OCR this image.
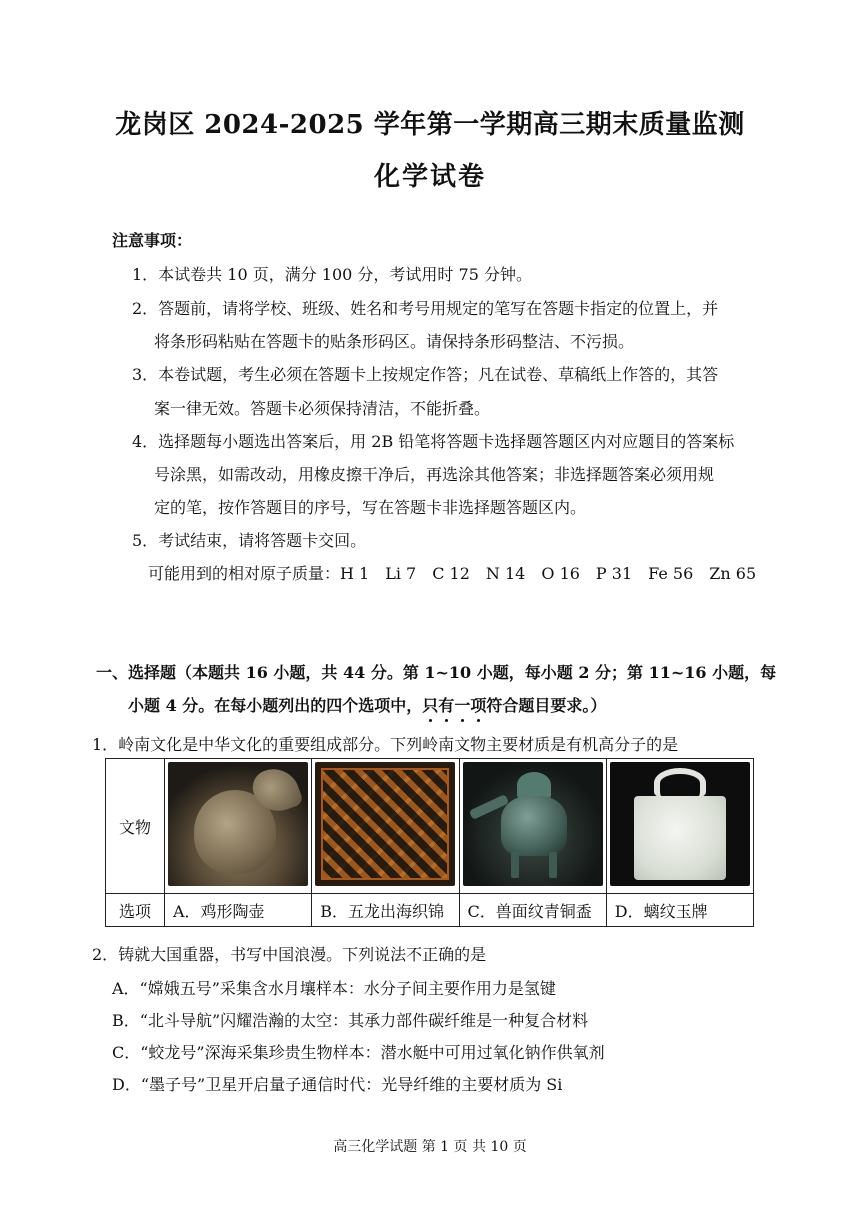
龙岗区 2024-2025 学年第一学期高三期末质量监测
化学试卷
注意事项：
1．本试卷共 10 页，满分 100 分，考试用时 75 分钟。
2．答题前，请将学校、班级、姓名和考号用规定的笔写在答题卡指定的位置上，并
将条形码粘贴在答题卡的贴条形码区。请保持条形码整洁、不污损。
3．本卷试题，考生必须在答题卡上按规定作答；凡在试卷、草稿纸上作答的，其答
案一律无效。答题卡必须保持清洁，不能折叠。
4．选择题每小题选出答案后，用 2B 铅笔将答题卡选择题答题区内对应题目的答案标
号涂黑，如需改动，用橡皮擦干净后，再选涂其他答案；非选择题答案必须用规
定的笔，按作答题目的序号，写在答题卡非选择题答题区内。
5．考试结束，请将答题卡交回。
可能用到的相对原子质量：H 1　Li 7　C 12　N 14　O 16　P 31　Fe 56　Zn 65
一、选择题（本题共 16 小题，共 44 分。第 1~10 小题，每小题 2 分；第 11~16 小题，每
小题 4 分。在每小题列出的四个选项中，只有一项符合题目要求。）
1．岭南文化是中华文化的重要组成部分。下列岭南文物主要材质是有机高分子的是
文物	

选项	A．鸡形陶壶	B．五龙出海织锦	C．兽面纹青铜盉	D．螭纹玉牌
2．铸就大国重器，书写中国浪漫。下列说法不正确的是
A．“嫦娥五号”采集含水月壤样本：水分子间主要作用力是氢键
B．“北斗导航”闪耀浩瀚的太空：其承力部件碳纤维是一种复合材料
C．“蛟龙号”深海采集珍贵生物样本：潜水艇中可用过氧化钠作供氧剂
D．“墨子号”卫星开启量子通信时代：光导纤维的主要材质为 Si
高三化学试题 第 1 页 共 10 页
